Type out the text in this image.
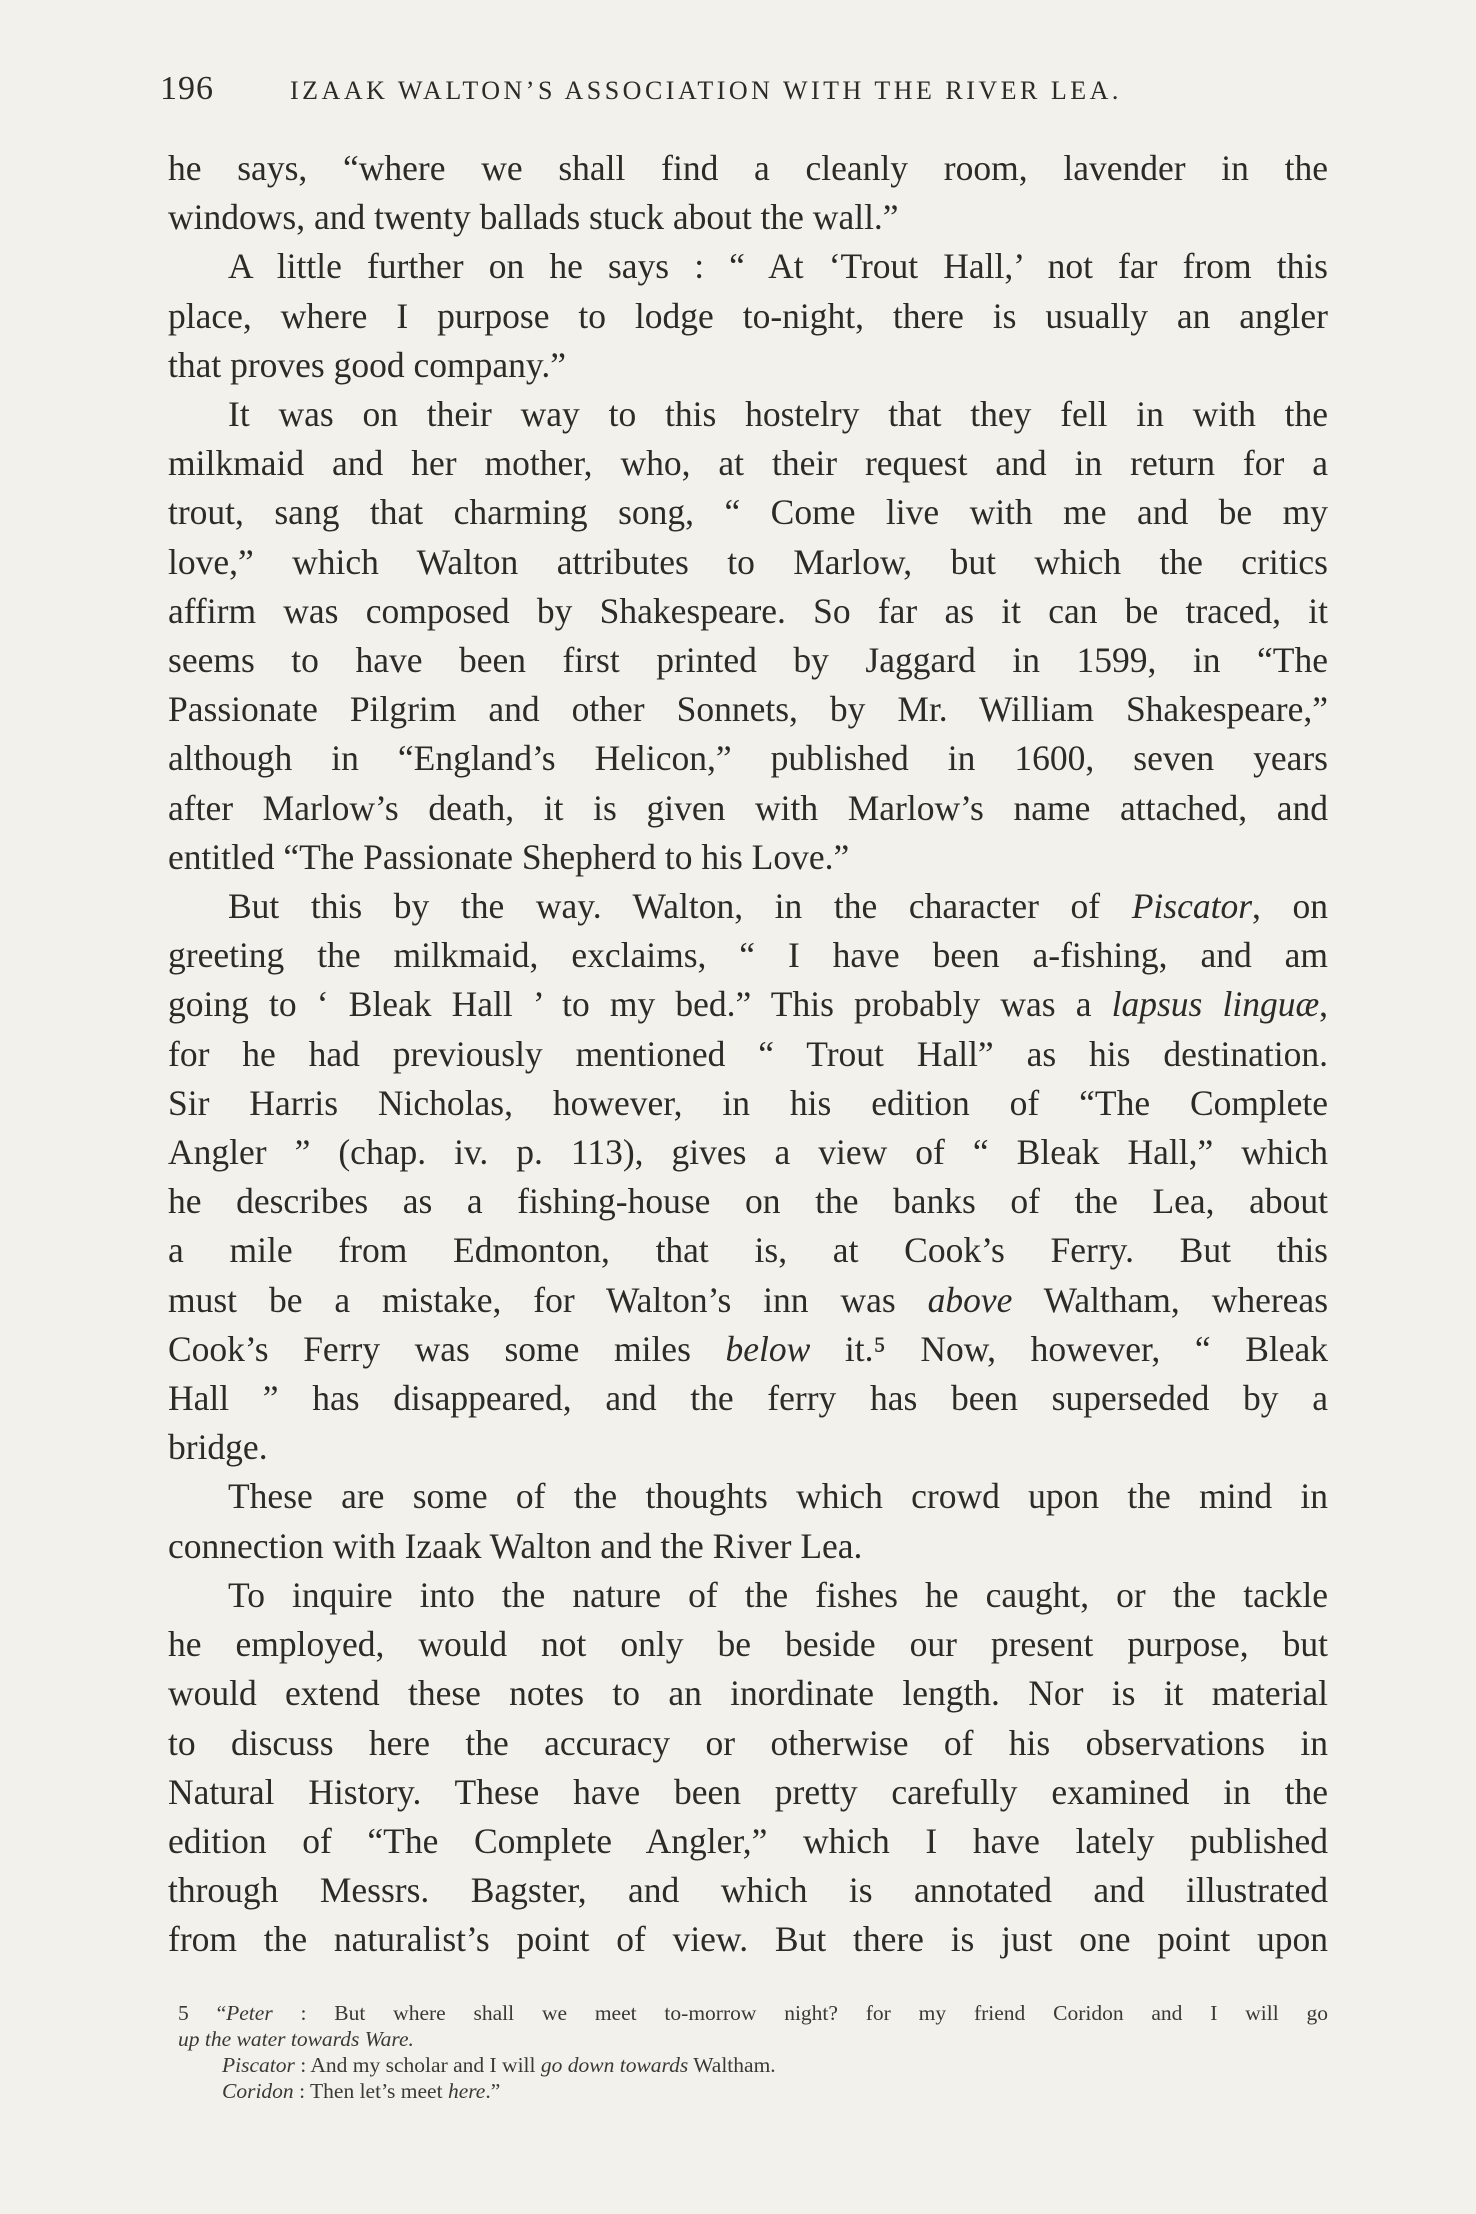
196	IZAAK WALTON’S ASSOCIATION WITH THE RIVER LEA.
he says, “where we shall find a cleanly room, lavender in the
windows, and twenty ballads stuck about the wall.”
A little further on he says : “ At ‘Trout Hall,’ not far from this
place, where I purpose to lodge to-night, there is usually an angler
that proves good company.”
It was on their way to this hostelry that they fell in with the
milkmaid and her mother, who, at their request and in return for a
trout, sang that charming song, “ Come live with me and be my
love,” which Walton attributes to Marlow, but which the critics
affirm was composed by Shakespeare. So far as it can be traced, it
seems to have been first printed by Jaggard in 1599, in “The
Passionate Pilgrim and other Sonnets, by Mr. William Shakespeare,”
although in “England’s Helicon,” published in 1600, seven years
after Marlow’s death, it is given with Marlow’s name attached, and
entitled “The Passionate Shepherd to his Love.”
But this by the way. Walton, in the character of Piscator, on
greeting the milkmaid, exclaims, “ I have been a-fishing, and am
going to ‘ Bleak Hall ’ to my bed.” This probably was a lapsus linguæ,
for he had previously mentioned “ Trout Hall” as his destination.
Sir Harris Nicholas, however, in his edition of “The Complete
Angler ” (chap. iv. p. 113), gives a view of “ Bleak Hall,” which
he describes as a fishing-house on the banks of the Lea, about
a mile from Edmonton, that is, at Cook’s Ferry. But this
must be a mistake, for Walton’s inn was above Waltham, whereas
Cook’s Ferry was some miles below it.⁵ Now, however, “ Bleak
Hall ” has disappeared, and the ferry has been superseded by a
bridge.
These are some of the thoughts which crowd upon the mind in
connection with Izaak Walton and the River Lea.
To inquire into the nature of the fishes he caught, or the tackle
he employed, would not only be beside our present purpose, but
would extend these notes to an inordinate length. Nor is it material
to discuss here the accuracy or otherwise of his observations in
Natural History. These have been pretty carefully examined in the
edition of “The Complete Angler,” which I have lately published
through Messrs. Bagster, and which is annotated and illustrated
from the naturalist’s point of view. But there is just one point upon
5 “Peter : But where shall we meet to-morrow night? for my friend Coridon and I will go
up the water towards Ware.
Piscator : And my scholar and I will go down towards Waltham.
Coridon : Then let’s meet here.”
